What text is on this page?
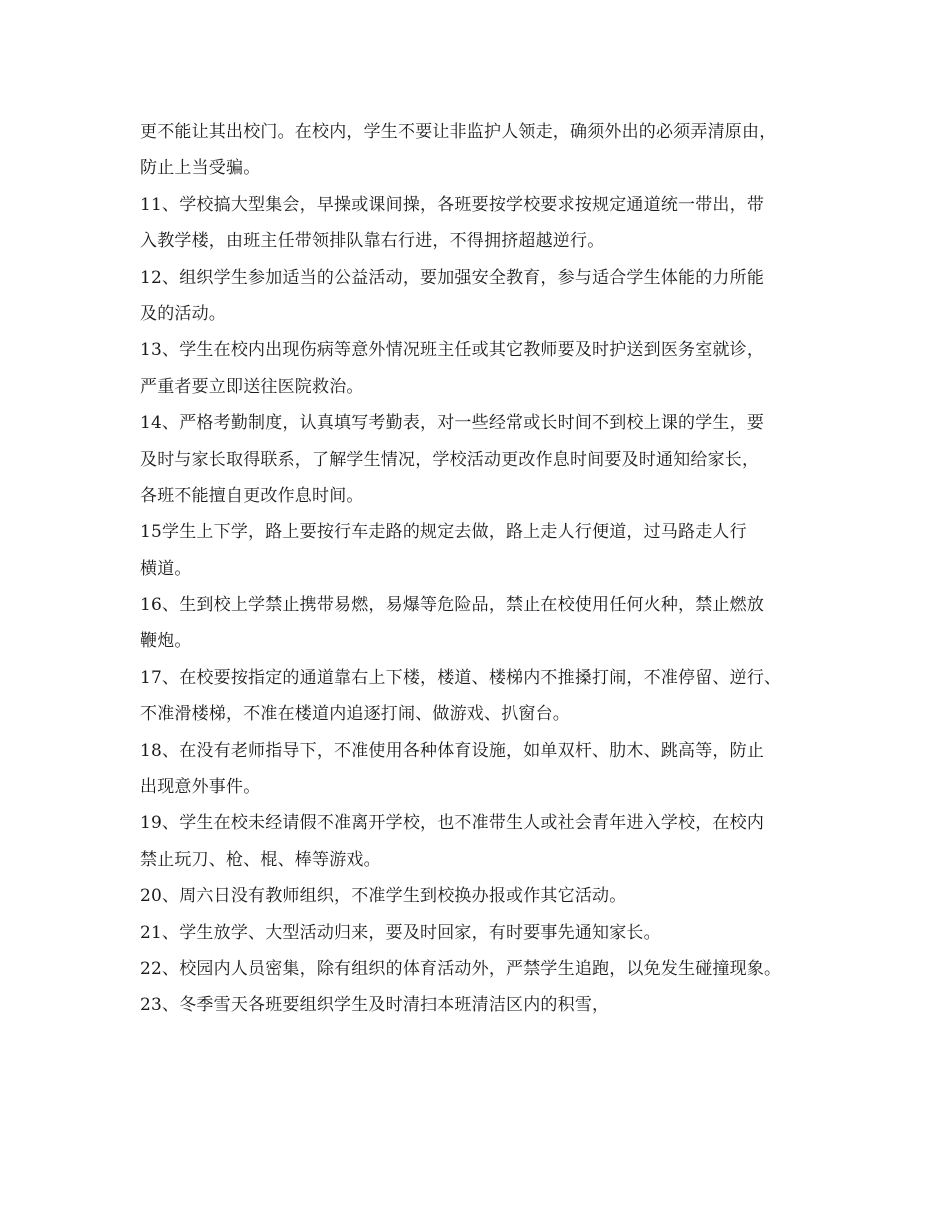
更不能让其出校门。在校内，学生不要让非监护人领走，确须外出的必须弄清原由，
防止上当受骗。
11、学校搞大型集会，早操或课间操，各班要按学校要求按规定通道统一带出，带
入教学楼，由班主任带领排队靠右行进，不得拥挤超越逆行。
12、组织学生参加适当的公益活动，要加强安全教育，参与适合学生体能的力所能
及的活动。
13、学生在校内出现伤病等意外情况班主任或其它教师要及时护送到医务室就诊，
严重者要立即送往医院救治。
14、严格考勤制度，认真填写考勤表，对一些经常或长时间不到校上课的学生，要
及时与家长取得联系，了解学生情况，学校活动更改作息时间要及时通知给家长，
各班不能擅自更改作息时间。
15学生上下学，路上要按行车走路的规定去做，路上走人行便道，过马路走人行
横道。
16、生到校上学禁止携带易燃，易爆等危险品，禁止在校使用任何火种，禁止燃放
鞭炮。
17、在校要按指定的通道靠右上下楼，楼道、楼梯内不推搡打闹，不准停留、逆行、
不准滑楼梯，不准在楼道内追逐打闹、做游戏、扒窗台。
18、在没有老师指导下，不准使用各种体育设施，如单双杆、肋木、跳高等，防止
出现意外事件。
19、学生在校未经请假不准离开学校，也不准带生人或社会青年进入学校，在校内
禁止玩刀、枪、棍、棒等游戏。
20、周六日没有教师组织，不准学生到校换办报或作其它活动。
21、学生放学、大型活动归来，要及时回家，有时要事先通知家长。
22、校园内人员密集，除有组织的体育活动外，严禁学生追跑，以免发生碰撞现象。
23、冬季雪天各班要组织学生及时清扫本班清洁区内的积雪，
